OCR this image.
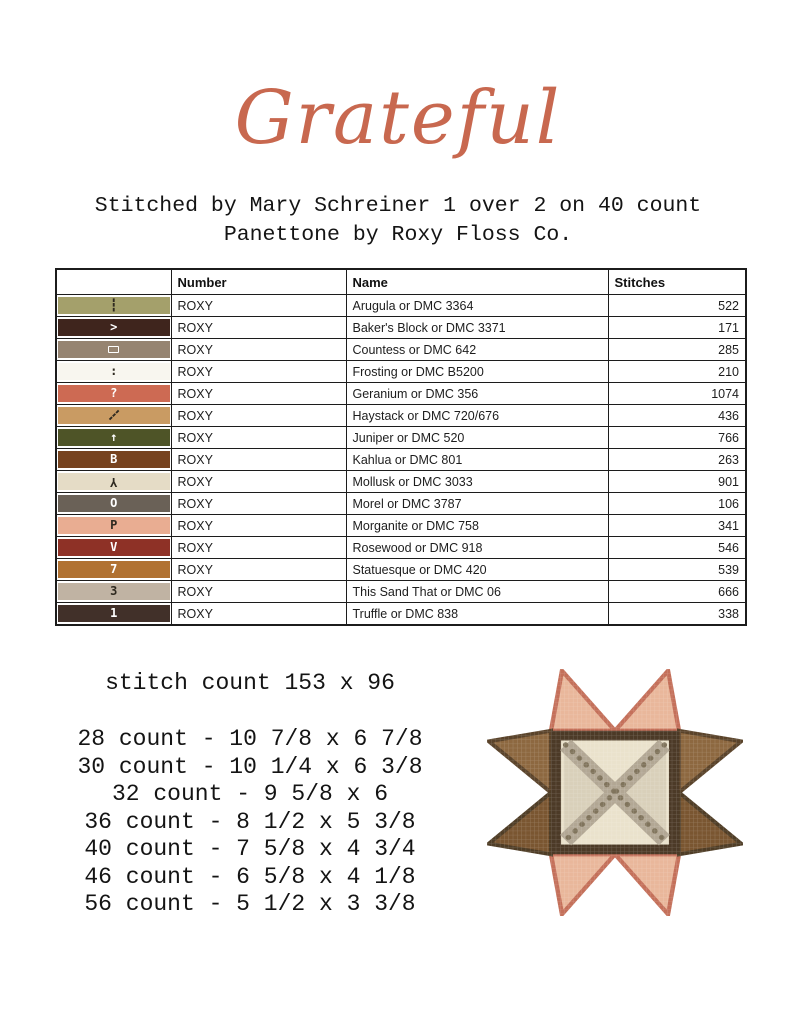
Grateful
Stitched by Mary Schreiner 1 over 2 on 40 count
Panettone by Roxy Floss Co.
	Number	Name	Stitches

┇	ROXY	Arugula or DMC 3364	522

>	ROXY	Baker's Block or DMC 3371	171

	ROXY	Countess or DMC 642	285

:	ROXY	Frosting or DMC B5200	210

?	ROXY	Geranium or DMC 356	1074

┇	ROXY	Haystack or DMC 720/676	436

↑	ROXY	Juniper or DMC 520	766

B	ROXY	Kahlua or DMC 801	263

Y	ROXY	Mollusk or DMC 3033	901

O	ROXY	Morel or DMC 3787	106

P	ROXY	Morganite or DMC 758	341

V	ROXY	Rosewood or DMC 918	546

7	ROXY	Statuesque or DMC 420	539

3	ROXY	This Sand That or DMC 06	666

1	ROXY	Truffle or DMC 838	338
stitch count 153 x 96
28 count - 10 7/8 x 6 7/8
30 count - 10 1/4 x 6 3/8
32 count - 9 5/8 x 6
36 count - 8 1/2 x 5 3/8
40 count - 7 5/8 x 4 3/4
46 count - 6 5/8 x 4 1/8
56 count - 5 1/2 x 3 3/8
